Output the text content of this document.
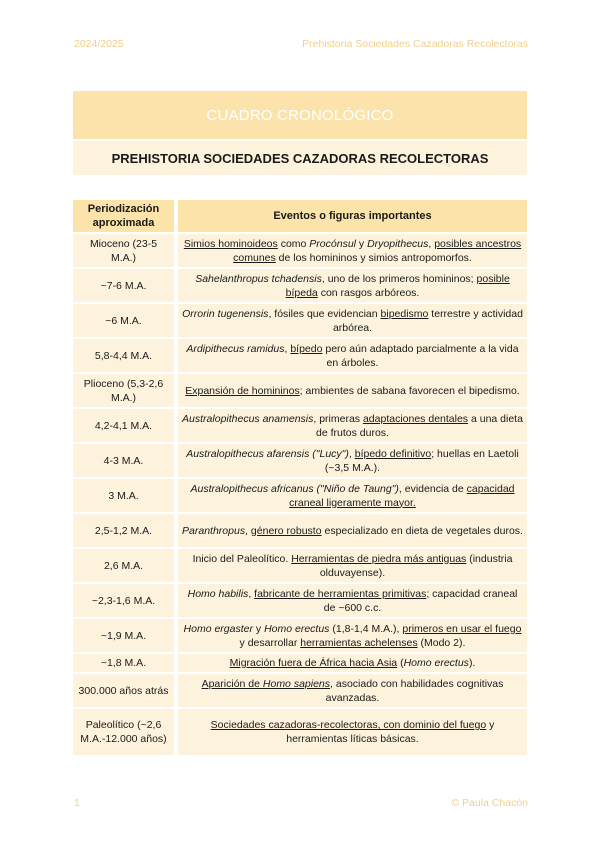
2024/2025	Prehistoria Sociedades Cazadoras Recolectoras
CUADRO CRONOLÓGICO
PREHISTORIA SOCIEDADES CAZADORAS RECOLECTORAS
Periodización aproximada	Eventos o figuras importantes
Mioceno (23-5 M.A.)	Simios hominoideos como Procónsul y Dryopithecus, posibles ancestros comunes de los homininos y simios antropomorfos.
~7-6 M.A.	Sahelanthropus tchadensis, uno de los primeros homininos; posible bípeda con rasgos arbóreos.
~6 M.A.	Orrorin tugenensis, fósiles que evidencian bipedismo terrestre y actividad arbórea.
5,8-4,4 M.A.	Ardipithecus ramidus, bípedo pero aún adaptado parcialmente a la vida en árboles.
Plioceno (5,3-2,6 M.A.)	Expansión de homininos; ambientes de sabana favorecen el bipedismo.
4,2-4,1 M.A.	Australopithecus anamensis, primeras adaptaciones dentales a una dieta de frutos duros.
4-3 M.A.	Australopithecus afarensis ("Lucy"), bípedo definitivo; huellas en Laetoli (~3,5 M.A.).
3 M.A.	Australopithecus africanus ("Niño de Taung"), evidencia de capacidad craneal ligeramente mayor.
2,5-1,2 M.A.	Paranthropus, género robusto especializado en dieta de vegetales duros.
2,6 M.A.	Inicio del Paleolítico. Herramientas de piedra más antiguas (industria olduvayense).
~2,3-1,6 M.A.	Homo habilis, fabricante de herramientas primitivas; capacidad craneal de ~600 c.c.
~1,9 M.A.	Homo ergaster y Homo erectus (1,8-1,4 M.A.), primeros en usar el fuego y desarrollar herramientas achelenses (Modo 2).
~1,8 M.A.	Migración fuera de África hacia Asia (Homo erectus).
300.000 años atrás	Aparición de Homo sapiens, asociado con habilidades cognitivas avanzadas.
Paleolítico (~2,6 M.A.-12.000 años)	Sociedades cazadoras-recolectoras, con dominio del fuego y herramientas líticas básicas.
1	© Paula Chacón
